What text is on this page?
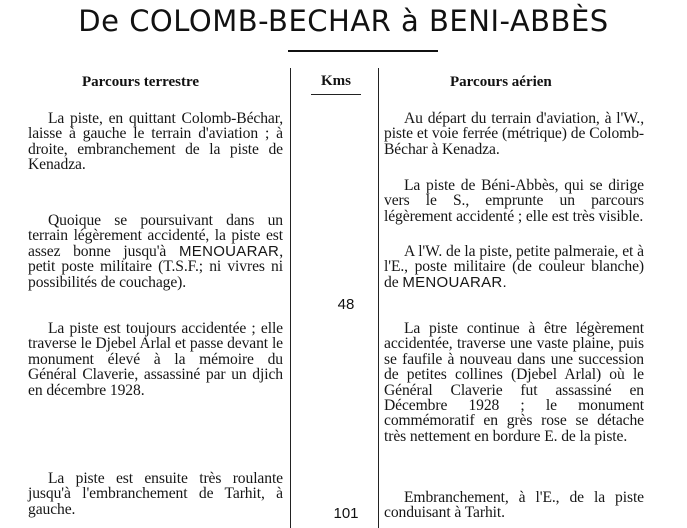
De COLOMB-BECHAR à BENI-ABBÈS
Parcours terrestre	Kms	Parcours aérien
La piste, en quittant Colomb-Béchar, laisse à gauche le terrain d'aviation ; à droite, embranchement de la piste de Kenadza.
Quoique se poursuivant dans un terrain légèrement accidenté, la piste est assez bonne jusqu'à MENOUARAR, petit poste militaire (T.S.F.; ni vivres ni possibilités de couchage).
La piste est toujours accidentée ; elle traverse le Djebel Arlal et passe devant le monument élevé à la mémoire du Général Claverie, assassiné par un djich en décembre 1928.
La piste est ensuite très roulante jusqu'à l'embranchement de Tarhit, à gauche.
48
101
Au départ du terrain d'aviation, à l'W., piste et voie ferrée (métrique) de Colomb-Béchar à Kenadza.
La piste de Béni-Abbès, qui se dirige vers le S., emprunte un parcours légèrement accidenté ; elle est très visible.
A l'W. de la piste, petite palmeraie, et à l'E., poste militaire (de couleur blanche) de MENOUARAR.
La piste continue à être légèrement accidentée, traverse une vaste plaine, puis se faufile à nouveau dans une succession de petites collines (Djebel Arlal) où le Général Claverie fut assassiné en Décembre 1928 ; le monument commémoratif en grès rose se détache très nettement en bordure E. de la piste.
Embranchement, à l'E., de la piste conduisant à Tarhit.
